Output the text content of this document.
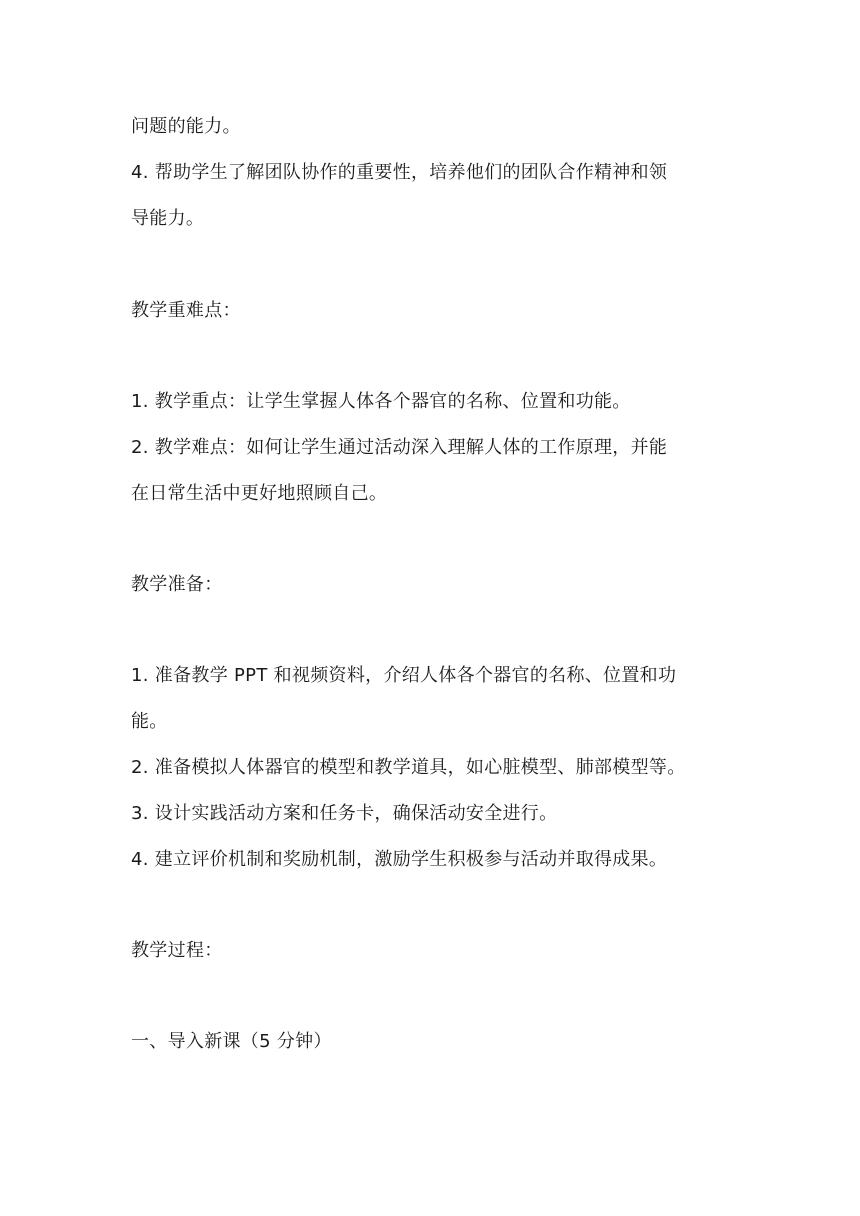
问题的能力。
4. 帮助学生了解团队协作的重要性，培养他们的团队合作精神和领
导能力。
教学重难点：
1. 教学重点：让学生掌握人体各个器官的名称、位置和功能。
2. 教学难点：如何让学生通过活动深入理解人体的工作原理，并能
在日常生活中更好地照顾自己。
教学准备：
1. 准备教学 PPT 和视频资料，介绍人体各个器官的名称、位置和功
能。
2. 准备模拟人体器官的模型和教学道具，如心脏模型、肺部模型等。
3. 设计实践活动方案和任务卡，确保活动安全进行。
4. 建立评价机制和奖励机制，激励学生积极参与活动并取得成果。
教学过程：
一、导入新课（5 分钟）
